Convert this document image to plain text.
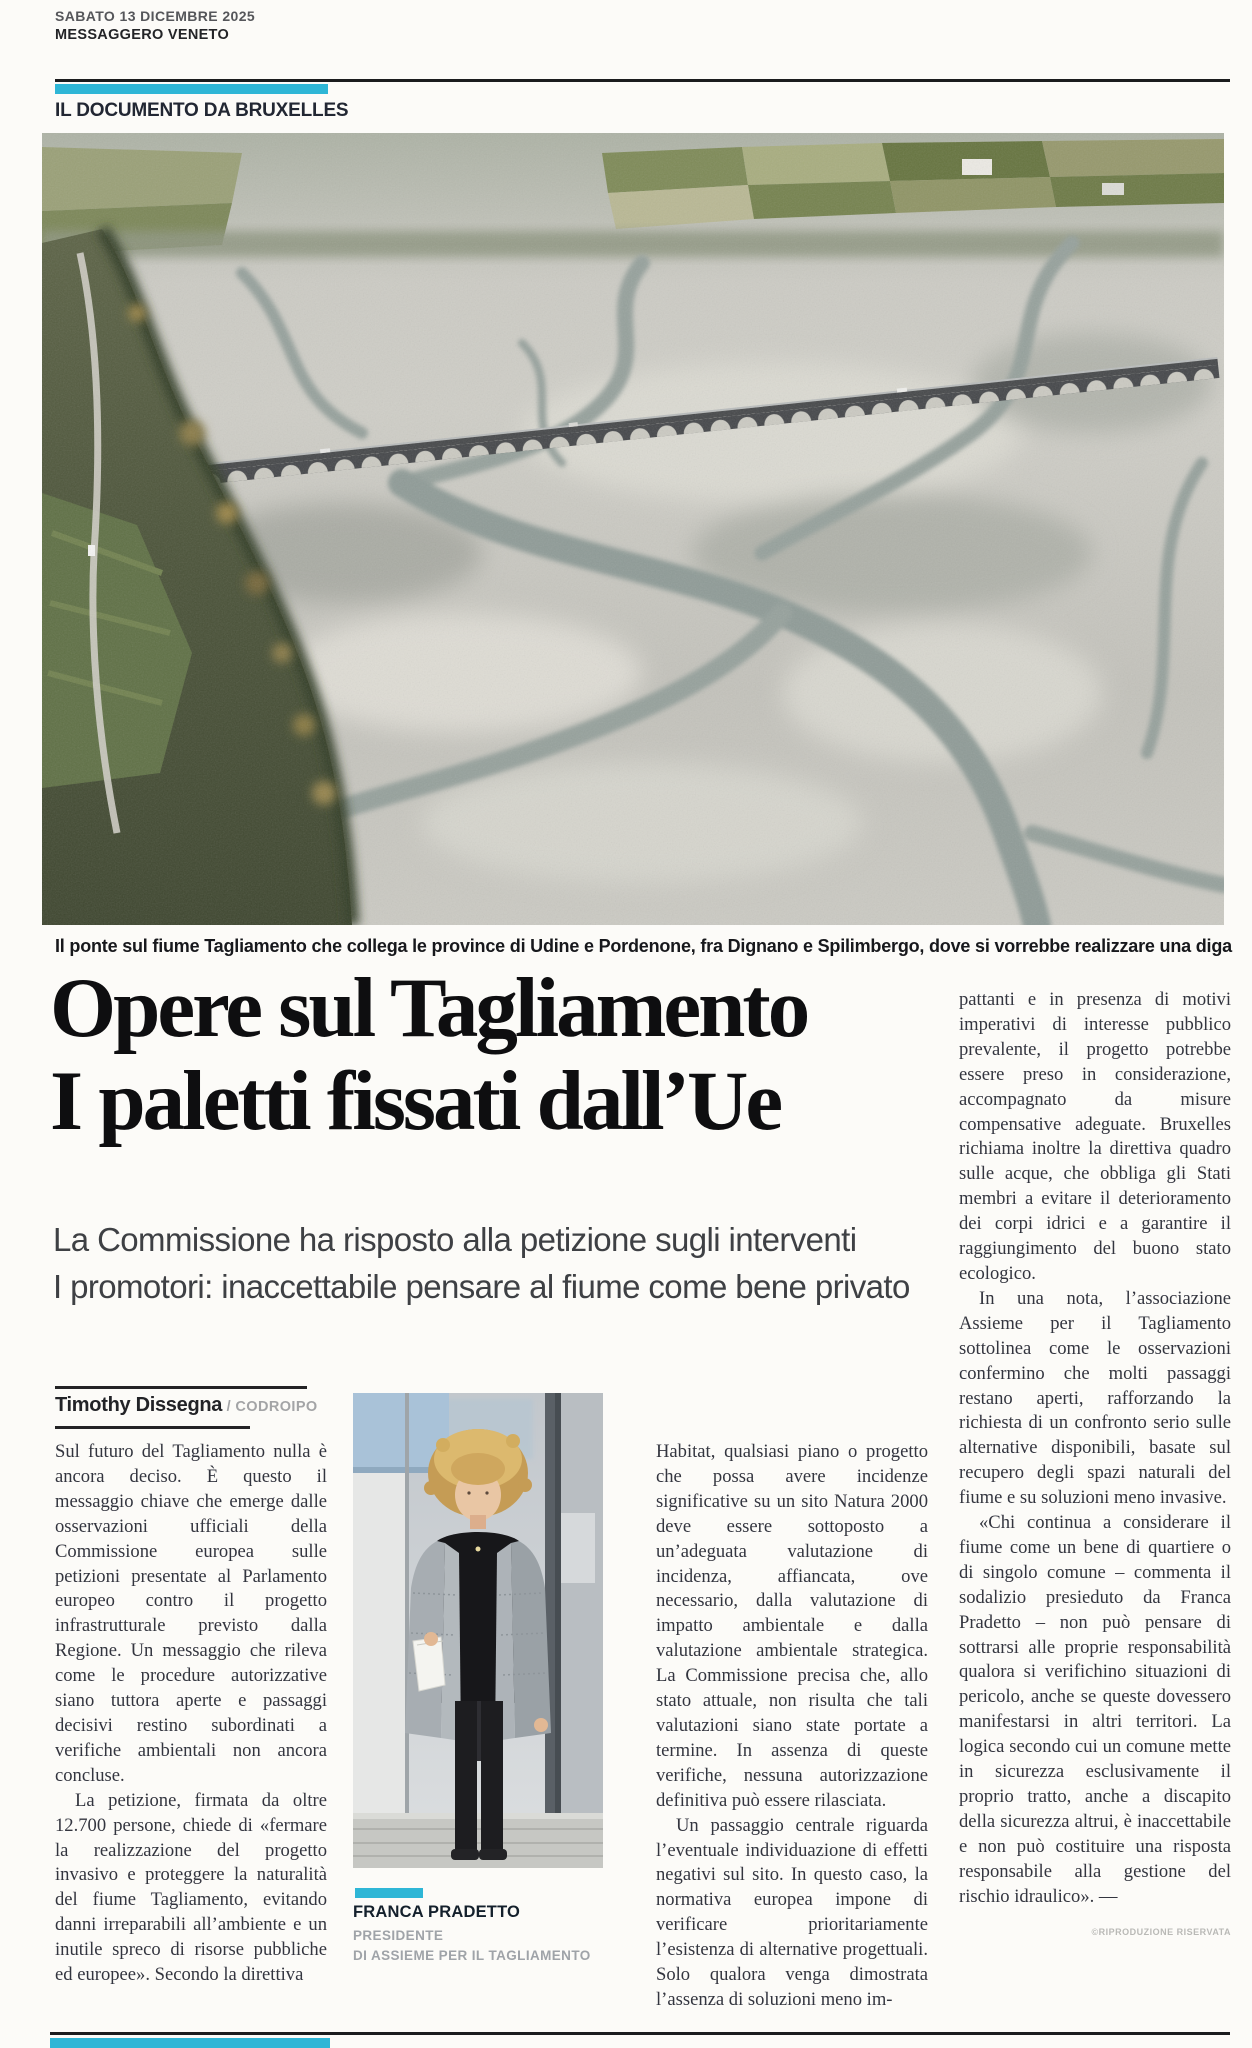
SABATO 13 DICEMBRE 2025
MESSAGGERO VENETO
IL DOCUMENTO DA BRUXELLES
Il ponte sul fiume Tagliamento che collega le province di Udine e Pordenone, fra Dignano e Spilimbergo, dove si vorrebbe realizzare una diga
Opere sul Tagliamento
I paletti fissati dall’Ue
La Commissione ha risposto alla petizione sugli interventi
I promotori: inaccettabile pensare al fiume come bene privato
Timothy Dissegna / CODROIPO

Sul futuro del Tagliamento nulla è ancora deciso. È questo il messaggio chiave che emerge dalle osservazioni ufficiali della Commissione europea sulle petizioni presentate al Parlamento europeo contro il progetto infrastrutturale previsto dalla Regione. Un messaggio che rileva come le procedure autorizzative siano tuttora aperte e passaggi decisivi restino subordinati a verifiche ambientali non ancora concluse.

La petizione, firmata da oltre 12.700 persone, chiede di «fermare la realizzazione del progetto invasivo e proteggere la naturalità del fiume Tagliamento, evitando danni irreparabili all’ambiente e un inutile spreco di risorse pubbliche ed europee». Secondo la direttiva

FRANCA PRADETTO
PRESIDENTE
DI ASSIEME PER IL TAGLIAMENTO

Habitat, qualsiasi piano o progetto che possa avere incidenze significative su un sito Natura 2000 deve essere sottoposto a un’adeguata valutazione di incidenza, affiancata, ove necessario, dalla valutazione di impatto ambientale e dalla valutazione ambientale strategica. La Commissione precisa che, allo stato attuale, non risulta che tali valutazioni siano state portate a termine. In assenza di queste verifiche, nessuna autorizzazione definitiva può essere rilasciata.

Un passaggio centrale riguarda l’eventuale individuazione di effetti negativi sul sito. In questo caso, la normativa europea impone di verificare prioritariamente l’esistenza di alternative progettuali. Solo qualora venga dimostrata l’assenza di soluzioni meno im-

pattanti e in presenza di motivi imperativi di interesse pubblico prevalente, il progetto potrebbe essere preso in considerazione, accompagnato da misure compensative adeguate. Bruxelles richiama inoltre la direttiva quadro sulle acque, che obbliga gli Stati membri a evitare il deterioramento dei corpi idrici e a garantire il raggiungimento del buono stato ecologico.

In una nota, l’associazione Assieme per il Tagliamento sottolinea come le osservazioni confermino che molti passaggi restano aperti, rafforzando la richiesta di un confronto serio sulle alternative disponibili, basate sul recupero degli spazi naturali del fiume e su soluzioni meno invasive.

«Chi continua a considerare il fiume come un bene di quartiere o di singolo comune – commenta il sodalizio presieduto da Franca Pradetto – non può pensare di sottrarsi alle proprie responsabilità qualora si verifichino situazioni di pericolo, anche se queste dovessero manifestarsi in altri territori. La logica secondo cui un comune mette in sicurezza esclusivamente il proprio tratto, anche a discapito della sicurezza altrui, è inaccettabile e non può costituire una risposta responsabile alla gestione del rischio idraulico». —

©RIPRODUZIONE RISERVATA
